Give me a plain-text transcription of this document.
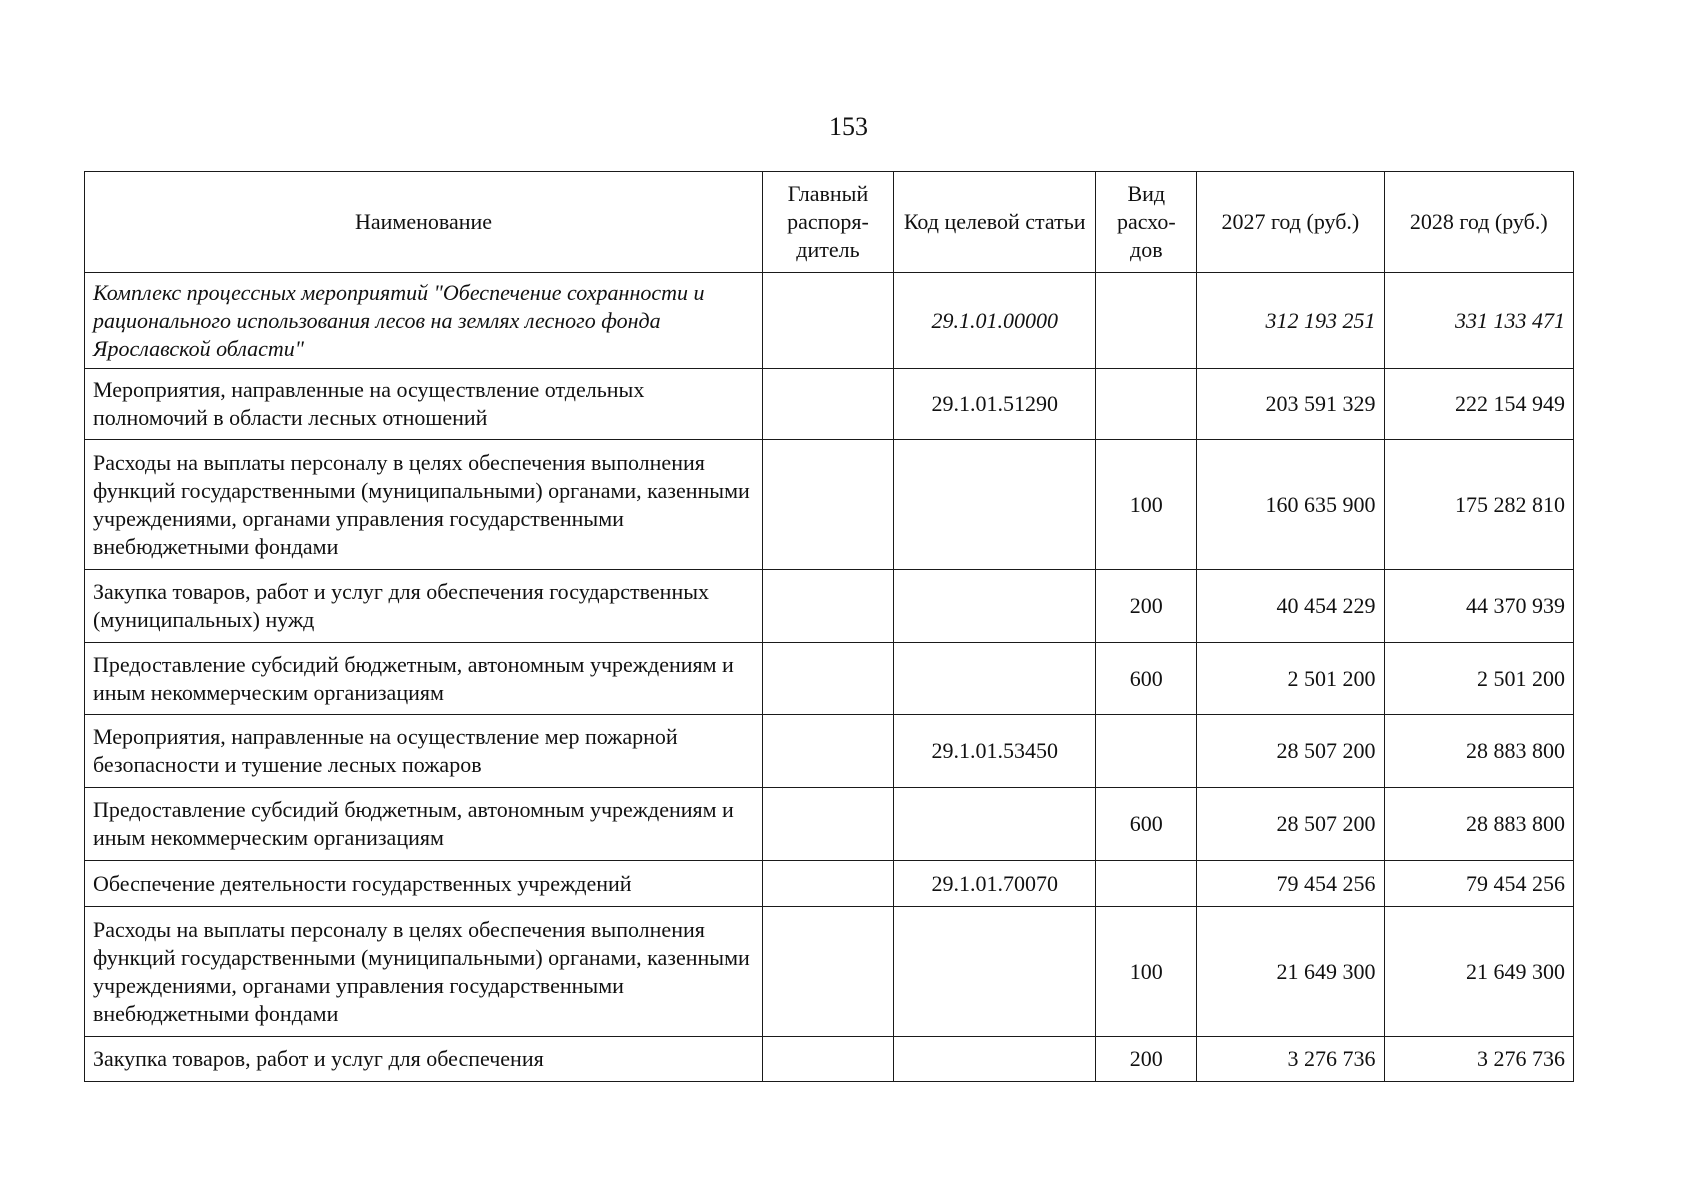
153
Наименование	Главный распоря-дитель	Код целевой статьи	Вид расхо-дов	2027 год (руб.)	2028 год (руб.)
Комплекс процессных мероприятий "Обеспечение сохранности и рационального использования лесов на землях лесного фонда Ярославской области"		29.1.01.00000		312 193 251	331 133 471
Мероприятия, направленные на осуществление отдельных полномочий в области лесных отношений		29.1.01.51290		203 591 329	222 154 949
Расходы на выплаты персоналу в целях обеспечения выполнения функций государственными (муниципальными) органами, казенными учреждениями, органами управления государственными внебюджетными фондами			100	160 635 900	175 282 810
Закупка товаров, работ и услуг для обеспечения государственных (муниципальных) нужд			200	40 454 229	44 370 939
Предоставление субсидий бюджетным, автономным учреждениям и иным некоммерческим организациям			600	2 501 200	2 501 200
Мероприятия, направленные на осуществление мер пожарной безопасности и тушение лесных пожаров		29.1.01.53450		28 507 200	28 883 800
Предоставление субсидий бюджетным, автономным учреждениям и иным некоммерческим организациям			600	28 507 200	28 883 800
Обеспечение деятельности государственных учреждений		29.1.01.70070		79 454 256	79 454 256
Расходы на выплаты персоналу в целях обеспечения выполнения функций государственными (муниципальными) органами, казенными учреждениями, органами управления государственными внебюджетными фондами			100	21 649 300	21 649 300
Закупка товаров, работ и услуг для обеспечения			200	3 276 736	3 276 736
